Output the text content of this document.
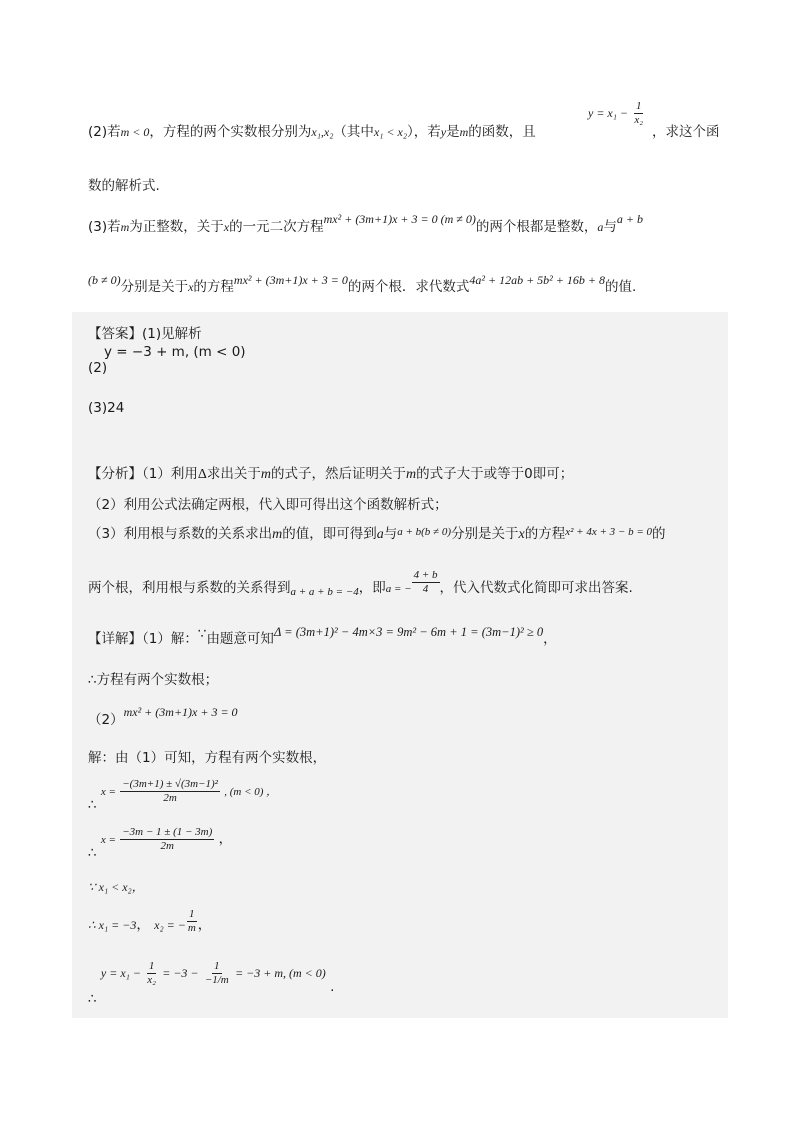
(2)若m < 0，方程的两个实数根分别为x₁,x₂（其中x₁ < x₂），若y是m的函数，且
$y = x_1 - \frac{1}{\text{x₂}}$
，求这个函
数的解析式.
(3)若m为正整数，关于x的一元二次方程mx² + (3m+1)x + 3 = 0 (m ≠ 0)的两个根都是整数，a与a + b
(b ≠ 0)分别是关于x的方程mx² + (3m+1)x + 3 = 0的两个根．求代数式4a² + 12ab + 5b² + 16b + 8的值.
【答案】(1)见解析
y = −3 + m, (m < 0)
(2)
(3)24
【分析】（1）利用Δ求出关于m的式子，然后证明关于m的式子大于或等于0即可；
（2）利用公式法确定两根，代入即可得出这个函数解析式；
（3）利用根与系数的关系求出m的值，即可得到a与$^{a + b(b \ne 0)}$分别是关于x的方程$^{x^2 + 4x + 3 - b = 0}$的
两个根，利用根与系数的关系得到$_{a + a + b = -4}$，即a = − $\frac{4 + b}{4}$ ，代入代数式化简即可求出答案.
【详解】（1）解：∵由题意可知Δ = (3m+1)² − 4m×3 = 9m² − 6m + 1 = (3m−1)² ≥ 0，
∴方程有两个实数根；
（2）mx² + (3m+1)x + 3 = 0
解：由（1）可知，方程有两个实数根，
∴ $x = \frac{\text{−(3m+1) ± √(3m−1)²}}{2m}$ , (m < 0) ，
∴ $x = \frac{-3m - 1 \pm (1 - 3m)}{2m}$ ，
∵ x₁ < x₂，
∴ x₁ = −3， x₂ = − $\frac{1}{m}$ ，
∴ $y = x_1 - \frac{1}{\text{x₂}} = -3 - \frac{1}{-1/m} = -3 + m$, (m < 0) .
